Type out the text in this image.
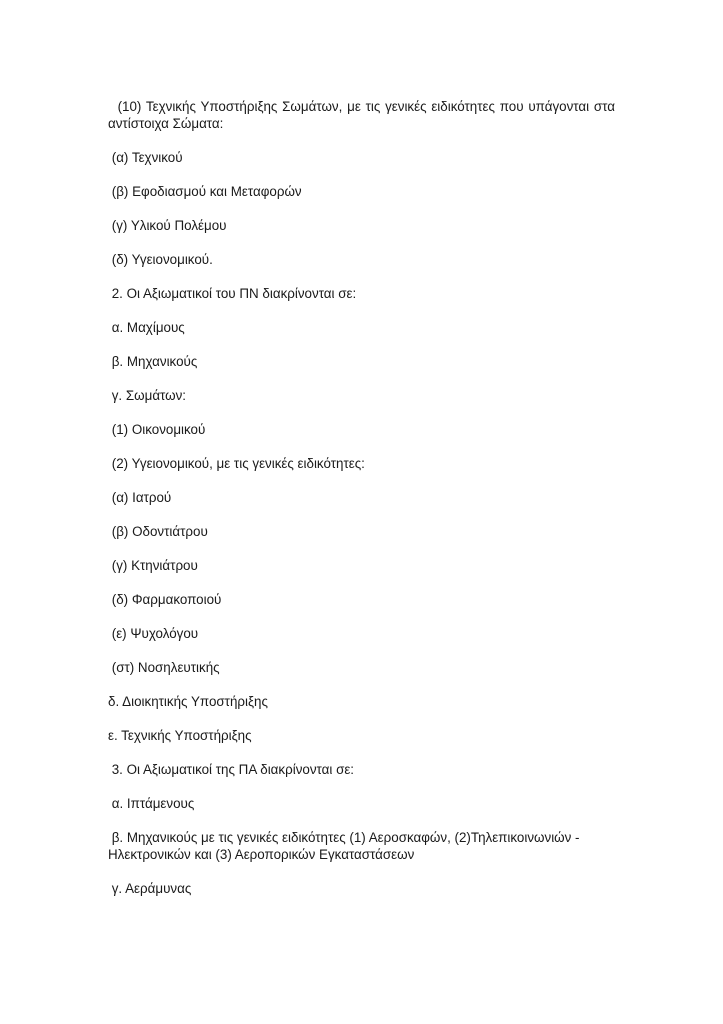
(10) Τεχνικής Υποστήριξης Σωμάτων, με τις γενικές ειδικότητες που υπάγονται στα αντίστοιχα Σώματα:

(α) Τεχνικού

(β) Εφοδιασμού και Μεταφορών

(γ) Υλικού Πολέμου

(δ) Υγειονομικού.

2. Οι Αξιωματικοί του ΠΝ διακρίνονται σε:

α. Μαχίμους

β. Μηχανικούς

γ. Σωμάτων:

(1) Οικονομικού

(2) Υγειονομικού, με τις γενικές ειδικότητες:

(α) Ιατρού

(β) Οδοντιάτρου

(γ) Κτηνιάτρου

(δ) Φαρμακοποιού

(ε) Ψυχολόγου

(στ) Νοσηλευτικής

δ. Διοικητικής Υποστήριξης

ε. Τεχνικής Υποστήριξης

3. Οι Αξιωματικοί της ΠΑ διακρίνονται σε:

α. Ιπτάμενους

β. Μηχανικούς με τις γενικές ειδικότητες (1) Αεροσκαφών, (2)Τηλεπικοινωνιών - Ηλεκτρονικών και (3) Αεροπορικών Εγκαταστάσεων

γ. Αεράμυνας
